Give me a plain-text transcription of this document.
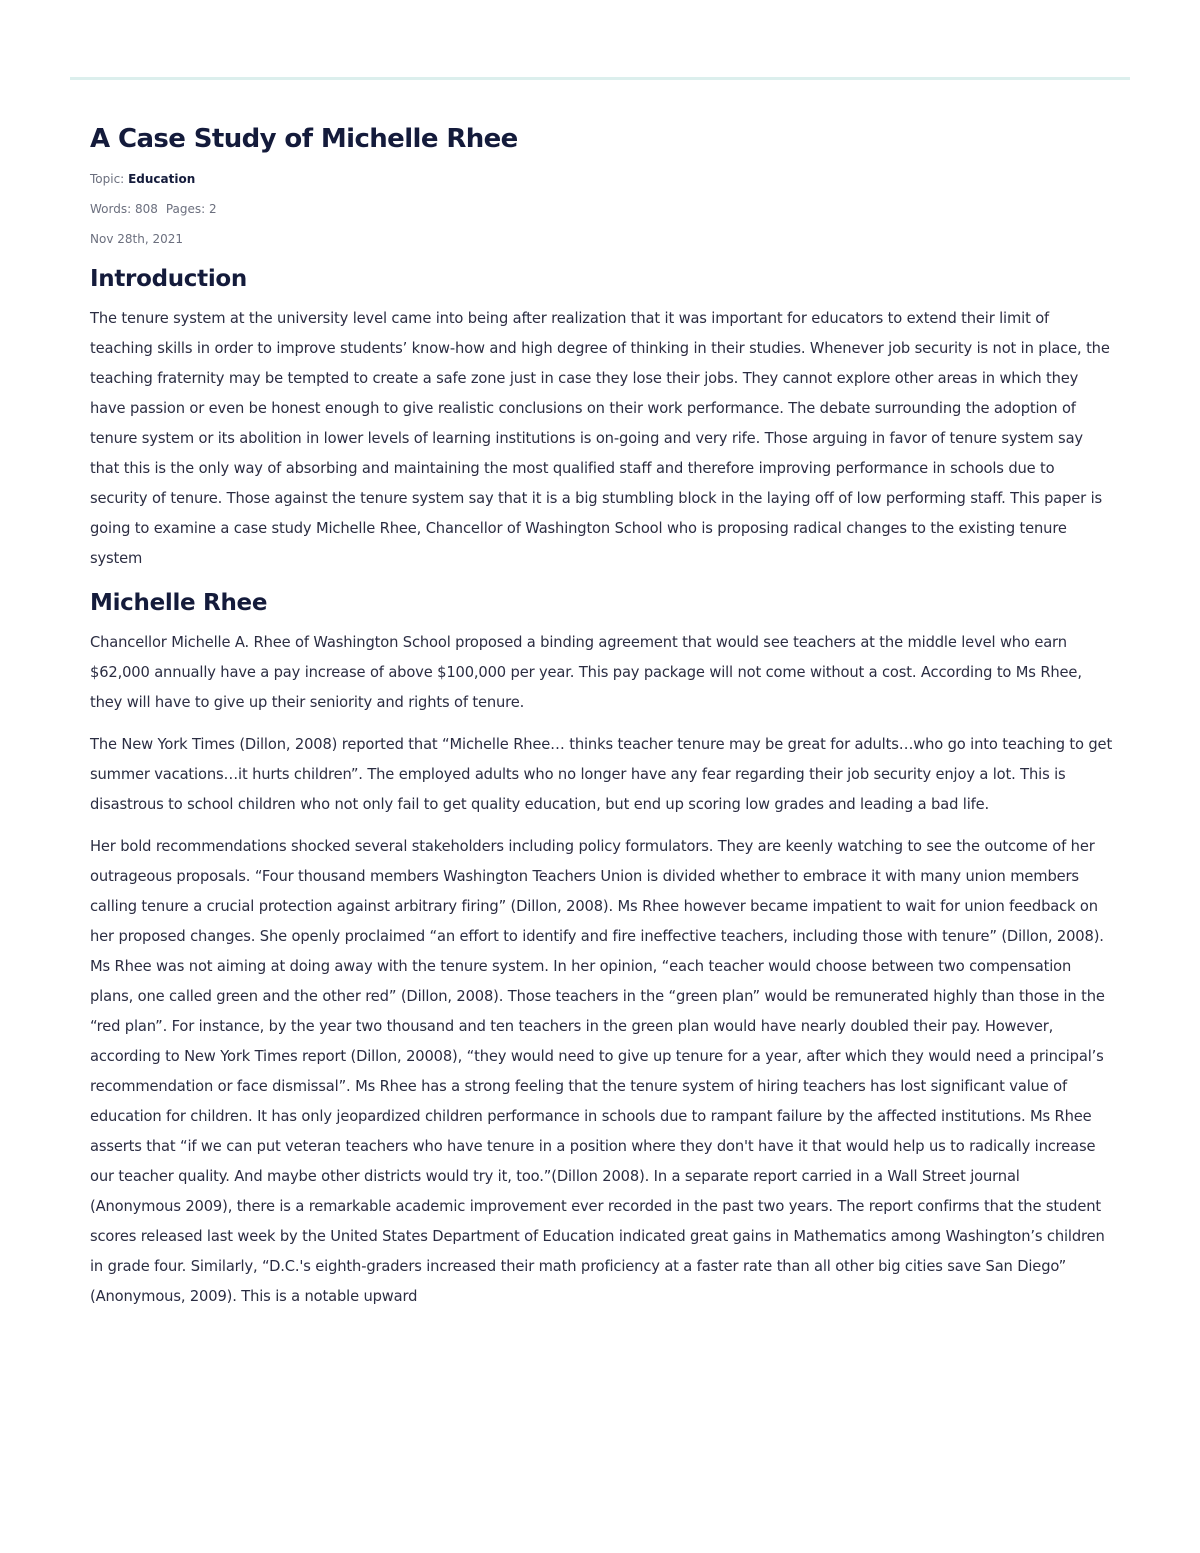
A Case Study of Michelle Rhee
Topic: Education
Words: 808 Pages: 2
Nov 28th, 2021
Introduction

The tenure system at the university level came into being after realization that it was important for educators to extend their limit of teaching skills in order to improve students’ know-how and high degree of thinking in their studies. Whenever job security is not in place, the teaching fraternity may be tempted to create a safe zone just in case they lose their jobs. They cannot explore other areas in which they have passion or even be honest enough to give realistic conclusions on their work performance. The debate surrounding the adoption of tenure system or its abolition in lower levels of learning institutions is on-going and very rife. Those arguing in favor of tenure system say that this is the only way of absorbing and maintaining the most qualified staff and therefore improving performance in schools due to security of tenure. Those against the tenure system say that it is a big stumbling block in the laying off of low performing staff. This paper is going to examine a case study Michelle Rhee, Chancellor of Washington School who is proposing radical changes to the existing tenure system

Michelle Rhee

Chancellor Michelle A. Rhee of Washington School proposed a binding agreement that would see teachers at the middle level who earn $62,000 annually have a pay increase of above $100,000 per year. This pay package will not come without a cost. According to Ms Rhee, they will have to give up their seniority and rights of tenure.

The New York Times (Dillon, 2008) reported that “Michelle Rhee… thinks teacher tenure may be great for adults…who go into teaching to get summer vacations…it hurts children”. The employed adults who no longer have any fear regarding their job security enjoy a lot. This is disastrous to school children who not only fail to get quality education, but end up scoring low grades and leading a bad life.

Her bold recommendations shocked several stakeholders including policy formulators. They are keenly watching to see the outcome of her outrageous proposals. “Four thousand members Washington Teachers Union is divided whether to embrace it with many union members calling tenure a crucial protection against arbitrary firing” (Dillon, 2008). Ms Rhee however became impatient to wait for union feedback on her proposed changes. She openly proclaimed “an effort to identify and fire ineffective teachers, including those with tenure” (Dillon, 2008). Ms Rhee was not aiming at doing away with the tenure system. In her opinion, “each teacher would choose between two compensation plans, one called green and the other red” (Dillon, 2008). Those teachers in the “green plan” would be remunerated highly than those in the “red plan”. For instance, by the year two thousand and ten teachers in the green plan would have nearly doubled their pay. However, according to New York Times report (Dillon, 20008), “they would need to give up tenure for a year, after which they would need a principal’s recommendation or face dismissal”. Ms Rhee has a strong feeling that the tenure system of hiring teachers has lost significant value of education for children. It has only jeopardized children performance in schools due to rampant failure by the affected institutions. Ms Rhee asserts that “if we can put veteran teachers who have tenure in a position where they don't have it that would help us to radically increase our teacher quality. And maybe other districts would try it, too.”(Dillon 2008). In a separate report carried in a Wall Street journal (Anonymous 2009), there is a remarkable academic improvement ever recorded in the past two years. The report confirms that the student scores released last week by the United States Department of Education indicated great gains in Mathematics among Washington’s children in grade four. Similarly, “D.C.'s eighth-graders increased their math proficiency at a faster rate than all other big cities save San Diego” (Anonymous, 2009). This is a notable upward
